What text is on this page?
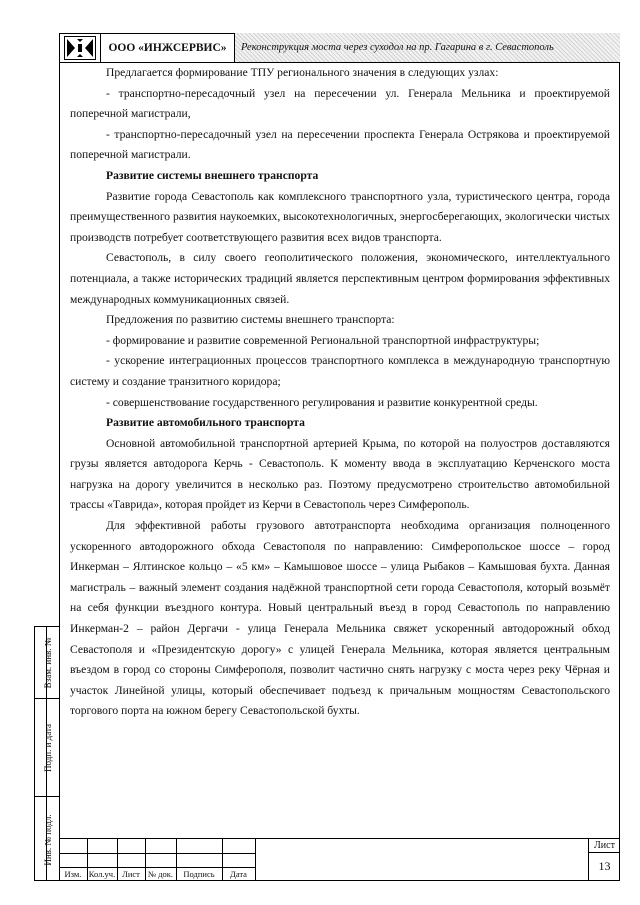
ООО «ИНЖСЕРВИС»	Реконструкция моста через суходол на пр. Гагарина в г. Севастополь

Предлагается формирование ТПУ регионального значения в следующих узлах:

- транспортно-пересадочный узел на пересечении ул. Генерала Мельника и проектируемой поперечной магистрали,

- транспортно-пересадочный узел на пересечении проспекта Генерала Острякова и проектируемой поперечной магистрали.

Развитие системы внешнего транспорта

Развитие города Севастополь как комплексного транспортного узла, туристического центра, города преимущественного развития наукоемких, высокотехнологичных, энергосберегающих, экологически чистых производств потребует соответствующего развития всех видов транспорта.

Севастополь, в силу своего геополитического положения, экономического, интеллектуального потенциала, а также исторических традиций является перспективным центром формирования эффективных международных коммуникационных связей.

Предложения по развитию системы внешнего транспорта:

- формирование и развитие современной Региональной транспортной инфраструктуры;

- ускорение интеграционных процессов транспортного комплекса в международную транспортную систему и создание транзитного коридора;

- совершенствование государственного регулирования и развитие конкурентной среды.

Развитие автомобильного транспорта

Основной автомобильной транспортной артерией Крыма, по которой на полуостров доставляются грузы является автодорога Керчь - Севастополь. К моменту ввода в эксплуатацию Керченского моста нагрузка на дорогу увеличится в несколько раз. Поэтому предусмотрено строительство автомобильной трассы «Таврида», которая пройдет из Керчи в Севастополь через Симферополь.

Для эффективной работы грузового автотранспорта необходима организация полноценного ускоренного автодорожного обхода Севастополя по направлению: Симферопольское шоссе – город Инкерман – Ялтинское кольцо – «5 км» – Камышовое шоссе – улица Рыбаков – Камышовая бухта. Данная магистраль – важный элемент создания надёжной транспортной сети города Севастополя, который возьмёт на себя функции въездного контура. Новый центральный въезд в город Севастополь по направлению Инкерман-2 – район Дергачи - улица Генерала Мельника свяжет ускоренный автодорожный обход Севастополя и «Президентскую дорогу» с улицей Генерала Мельника, которая является центральным въездом в город со стороны Симферополя, позволит частично снять нагрузку с моста через реку Чёрная и участок Линейной улицы, который обеспечивает подъезд к причальным мощностям Севастопольского торгового порта на южном берегу Севастопольской бухты.

Взам. инв. №
Подп. и дата
Инв. № подл.
Изм. Кол.уч. Лист № док.	Подпись	Дата
Лист
13
